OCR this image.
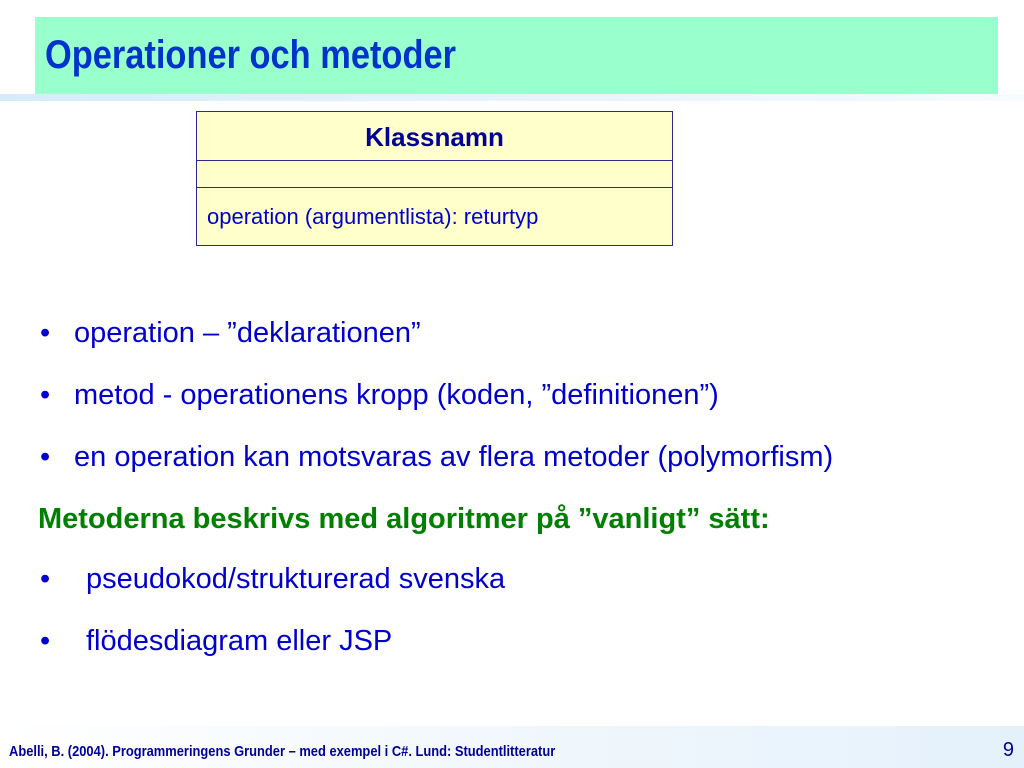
Operationer och metoder
Klassnamn
operation (argumentlista): returtyp
• operation – ”deklarationen”
• metod - operationens kropp (koden, ”definitionen”)
• en operation kan motsvaras av flera metoder (polymorfism)
Metoderna beskrivs med algoritmer på ”vanligt” sätt:
• pseudokod/strukturerad svenska
• flödesdiagram eller JSP
Abelli, B. (2004). Programmeringens Grunder – med exempel i C#. Lund: Studentlitteratur	9
